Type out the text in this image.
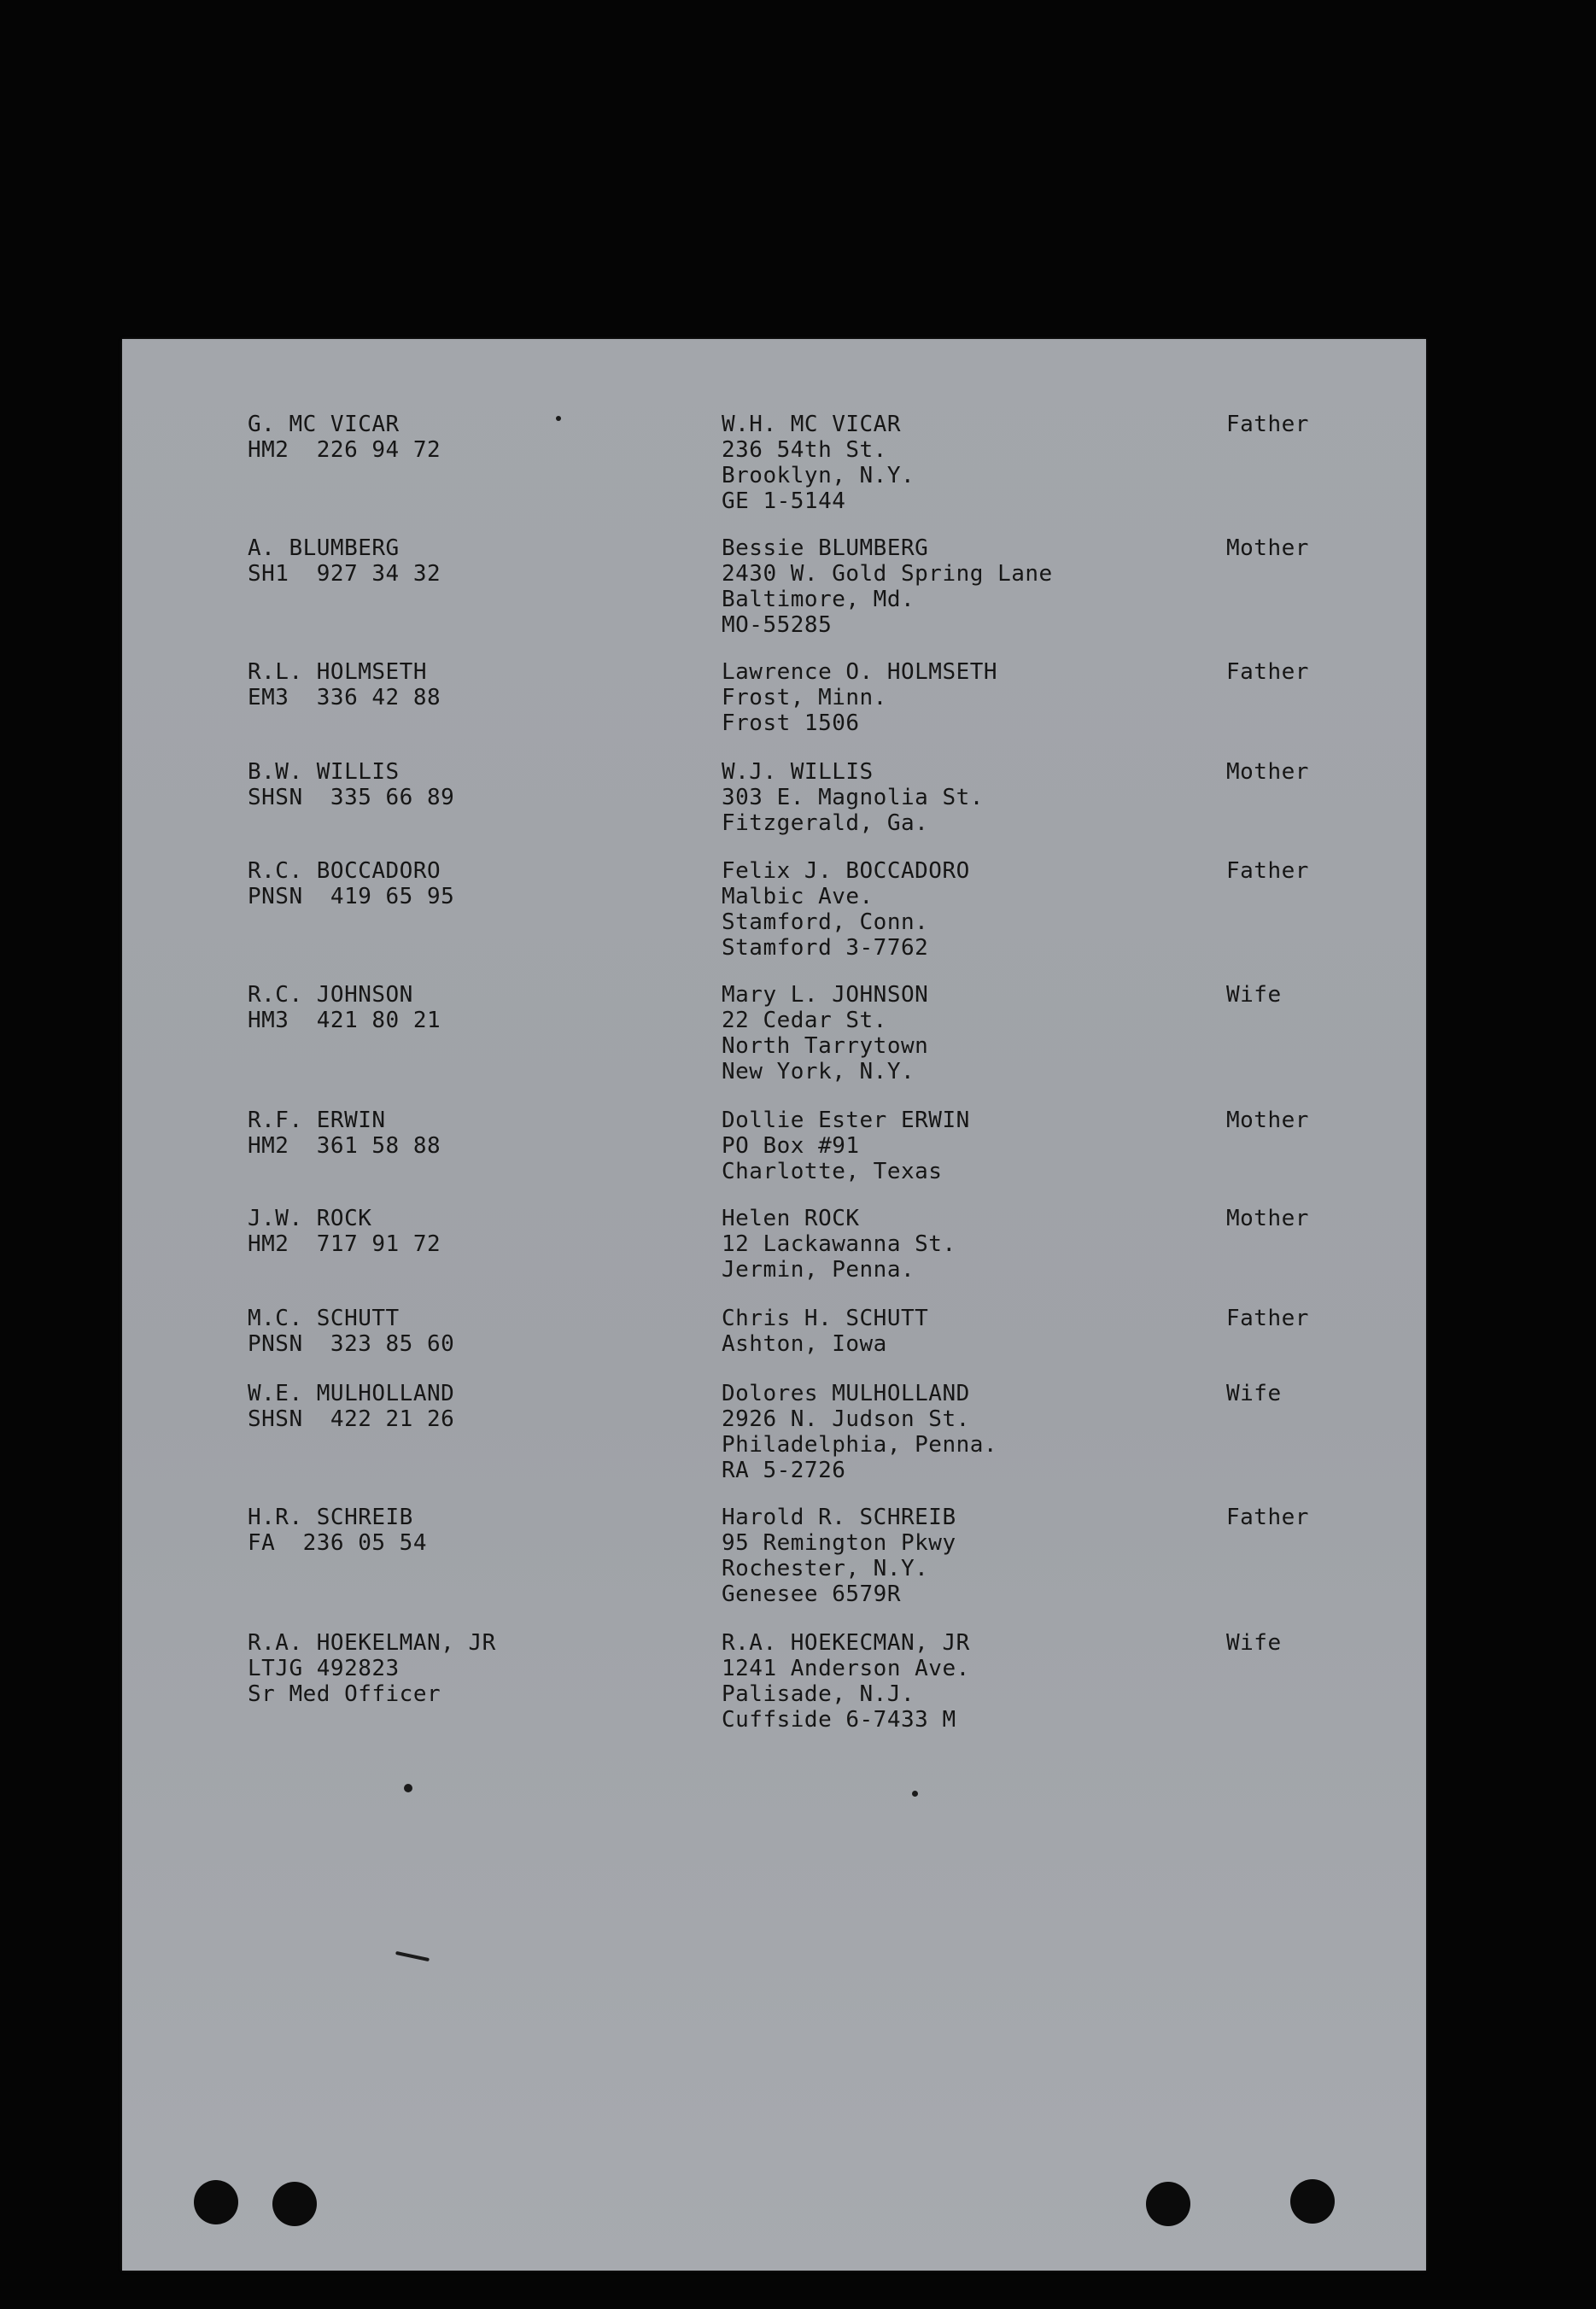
G. MC VICAR
HM2  226 94 72
W.H. MC VICAR
236 54th St.
Brooklyn, N.Y.
GE 1-5144
Father
A. BLUMBERG
SH1  927 34 32
Bessie BLUMBERG
2430 W. Gold Spring Lane
Baltimore, Md.
MO-55285
Mother
R.L. HOLMSETH
EM3  336 42 88
Lawrence O. HOLMSETH
Frost, Minn.
Frost 1506
Father
B.W. WILLIS
SHSN  335 66 89
W.J. WILLIS
303 E. Magnolia St.
Fitzgerald, Ga.
Mother
R.C. BOCCADORO
PNSN  419 65 95
Felix J. BOCCADORO
Malbic Ave.
Stamford, Conn.
Stamford 3-7762
Father
R.C. JOHNSON
HM3  421 80 21
Mary L. JOHNSON
22 Cedar St.
North Tarrytown
New York, N.Y.
Wife
R.F. ERWIN
HM2  361 58 88
Dollie Ester ERWIN
PO Box #91
Charlotte, Texas
Mother
J.W. ROCK
HM2  717 91 72
Helen ROCK
12 Lackawanna St.
Jermin, Penna.
Mother
M.C. SCHUTT
PNSN  323 85 60
Chris H. SCHUTT
Ashton, Iowa
Father
W.E. MULHOLLAND
SHSN  422 21 26
Dolores MULHOLLAND
2926 N. Judson St.
Philadelphia, Penna.
RA 5-2726
Wife
H.R. SCHREIB
FA  236 05 54
Harold R. SCHREIB
95 Remington Pkwy
Rochester, N.Y.
Genesee 6579R
Father
R.A. HOEKELMAN, JR
LTJG 492823
Sr Med Officer
R.A. HOEKECMAN, JR
1241 Anderson Ave.
Palisade, N.J.
Cuffside 6-7433 M
Wife
